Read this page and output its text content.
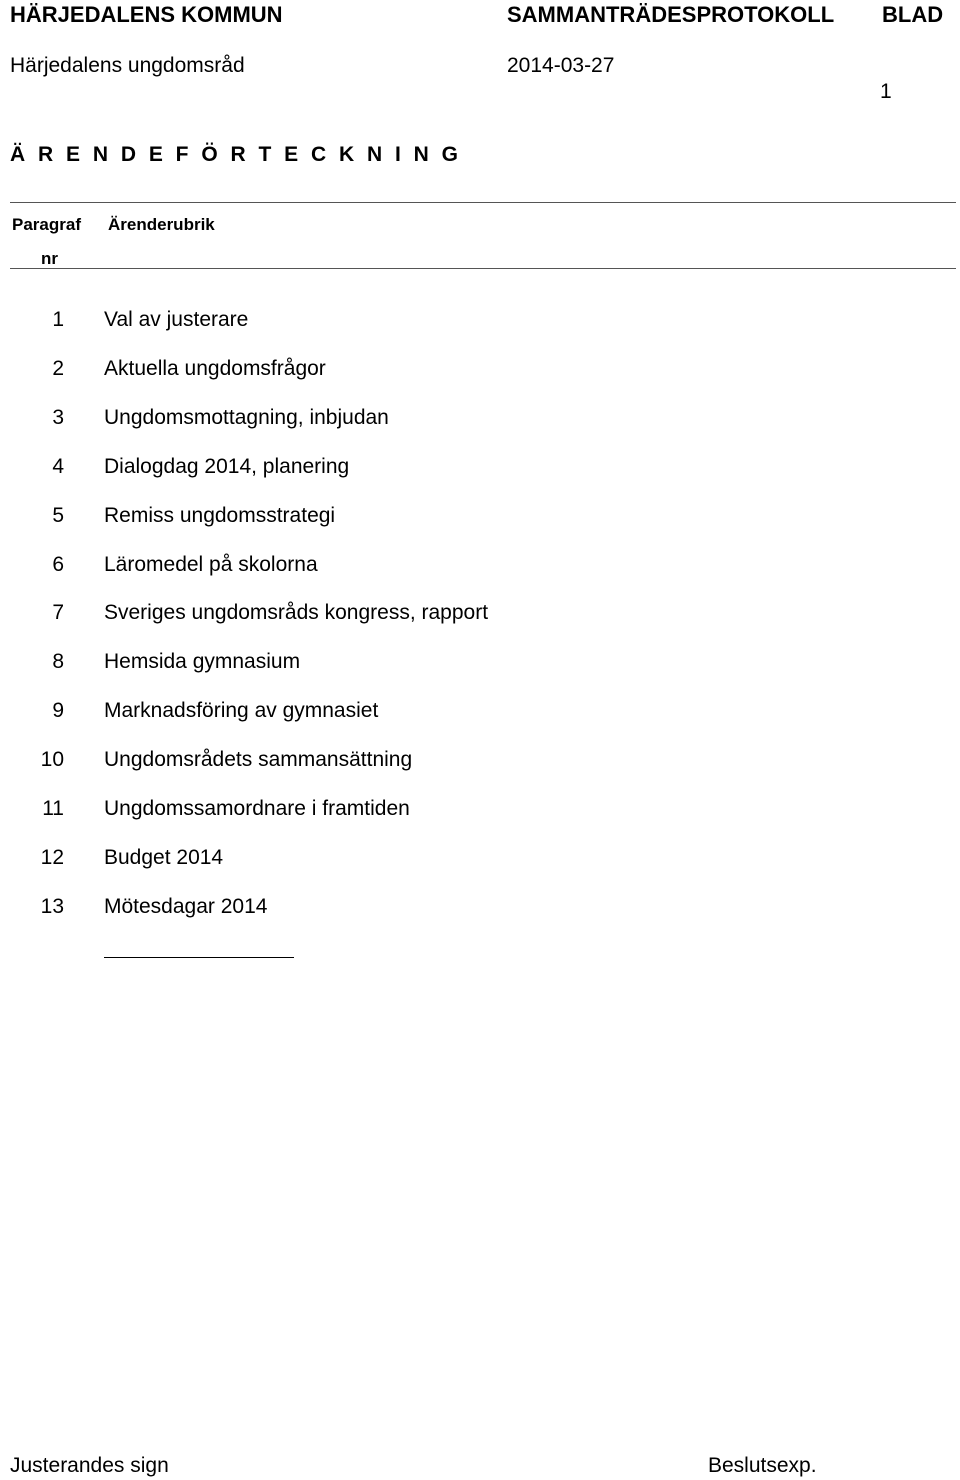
HÄRJEDALENS KOMMUN	SAMMANTRÄDESPROTOKOLL BLAD
Härjedalens ungdomsråd	2014-03-27
1
Ä R E N D E F Ö R T E C K N I N G
Paragraf
nr
Ärenderubrik
1 Val av justerare
2 Aktuella ungdomsfrågor
3 Ungdomsmottagning, inbjudan
4 Dialogdag 2014, planering
5 Remiss ungdomsstrategi
6 Läromedel på skolorna
7 Sveriges ungdomsråds kongress, rapport
8 Hemsida gymnasium
9 Marknadsföring av gymnasiet
10 Ungdomsrådets sammansättning
11 Ungdomssamordnare i framtiden
12 Budget 2014
13 Mötesdagar 2014
Justerandes sign	Beslutsexp.
